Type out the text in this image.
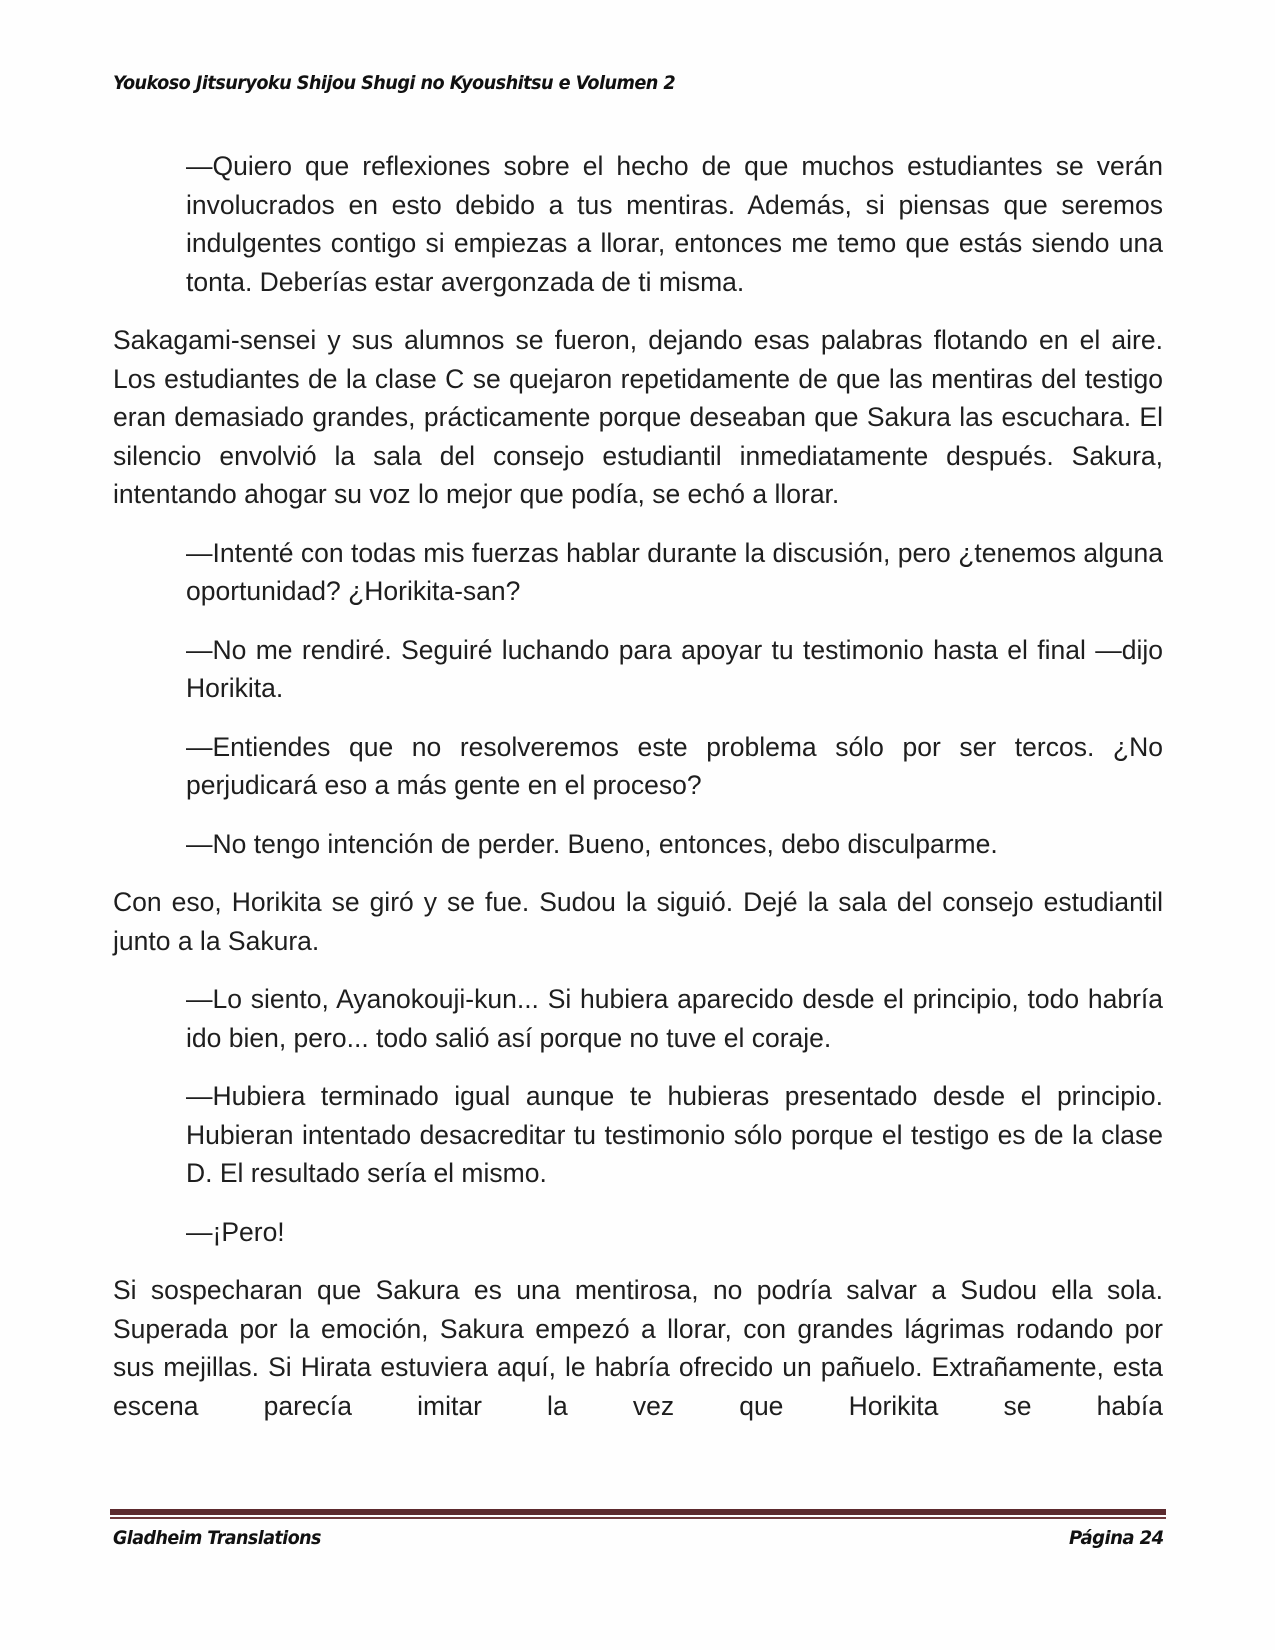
Youkoso Jitsuryoku Shijou Shugi no Kyoushitsu e Volumen 2

—Quiero que reflexiones sobre el hecho de que muchos estudiantes se verán involucrados en esto debido a tus mentiras. Además, si piensas que seremos indulgentes contigo si empiezas a llorar, entonces me temo que estás siendo una tonta. Deberías estar avergonzada de ti misma.

Sakagami-sensei y sus alumnos se fueron, dejando esas palabras flotando en el aire. Los estudiantes de la clase C se quejaron repetidamente de que las mentiras del testigo eran demasiado grandes, prácticamente porque deseaban que Sakura las escuchara. El silencio envolvió la sala del consejo estudiantil inmediatamente después. Sakura, intentando ahogar su voz lo mejor que podía, se echó a llorar.

—Intenté con todas mis fuerzas hablar durante la discusión, pero ¿tenemos alguna oportunidad? ¿Horikita-san?

—No me rendiré. Seguiré luchando para apoyar tu testimonio hasta el final —dijo Horikita.

—Entiendes que no resolveremos este problema sólo por ser tercos. ¿No perjudicará eso a más gente en el proceso?

—No tengo intención de perder. Bueno, entonces, debo disculparme.

Con eso, Horikita se giró y se fue. Sudou la siguió. Dejé la sala del consejo estudiantil junto a la Sakura.

—Lo siento, Ayanokouji-kun... Si hubiera aparecido desde el principio, todo habría ido bien, pero... todo salió así porque no tuve el coraje.

—Hubiera terminado igual aunque te hubieras presentado desde el principio. Hubieran intentado desacreditar tu testimonio sólo porque el testigo es de la clase D. El resultado sería el mismo.

—¡Pero!

Si sospecharan que Sakura es una mentirosa, no podría salvar a Sudou ella sola. Superada por la emoción, Sakura empezó a llorar, con grandes lágrimas rodando por sus mejillas. Si Hirata estuviera aquí, le habría ofrecido un pañuelo. Extrañamente, esta escena parecía imitar la vez que Horikita se había

Gladheim Translations	Página 24
